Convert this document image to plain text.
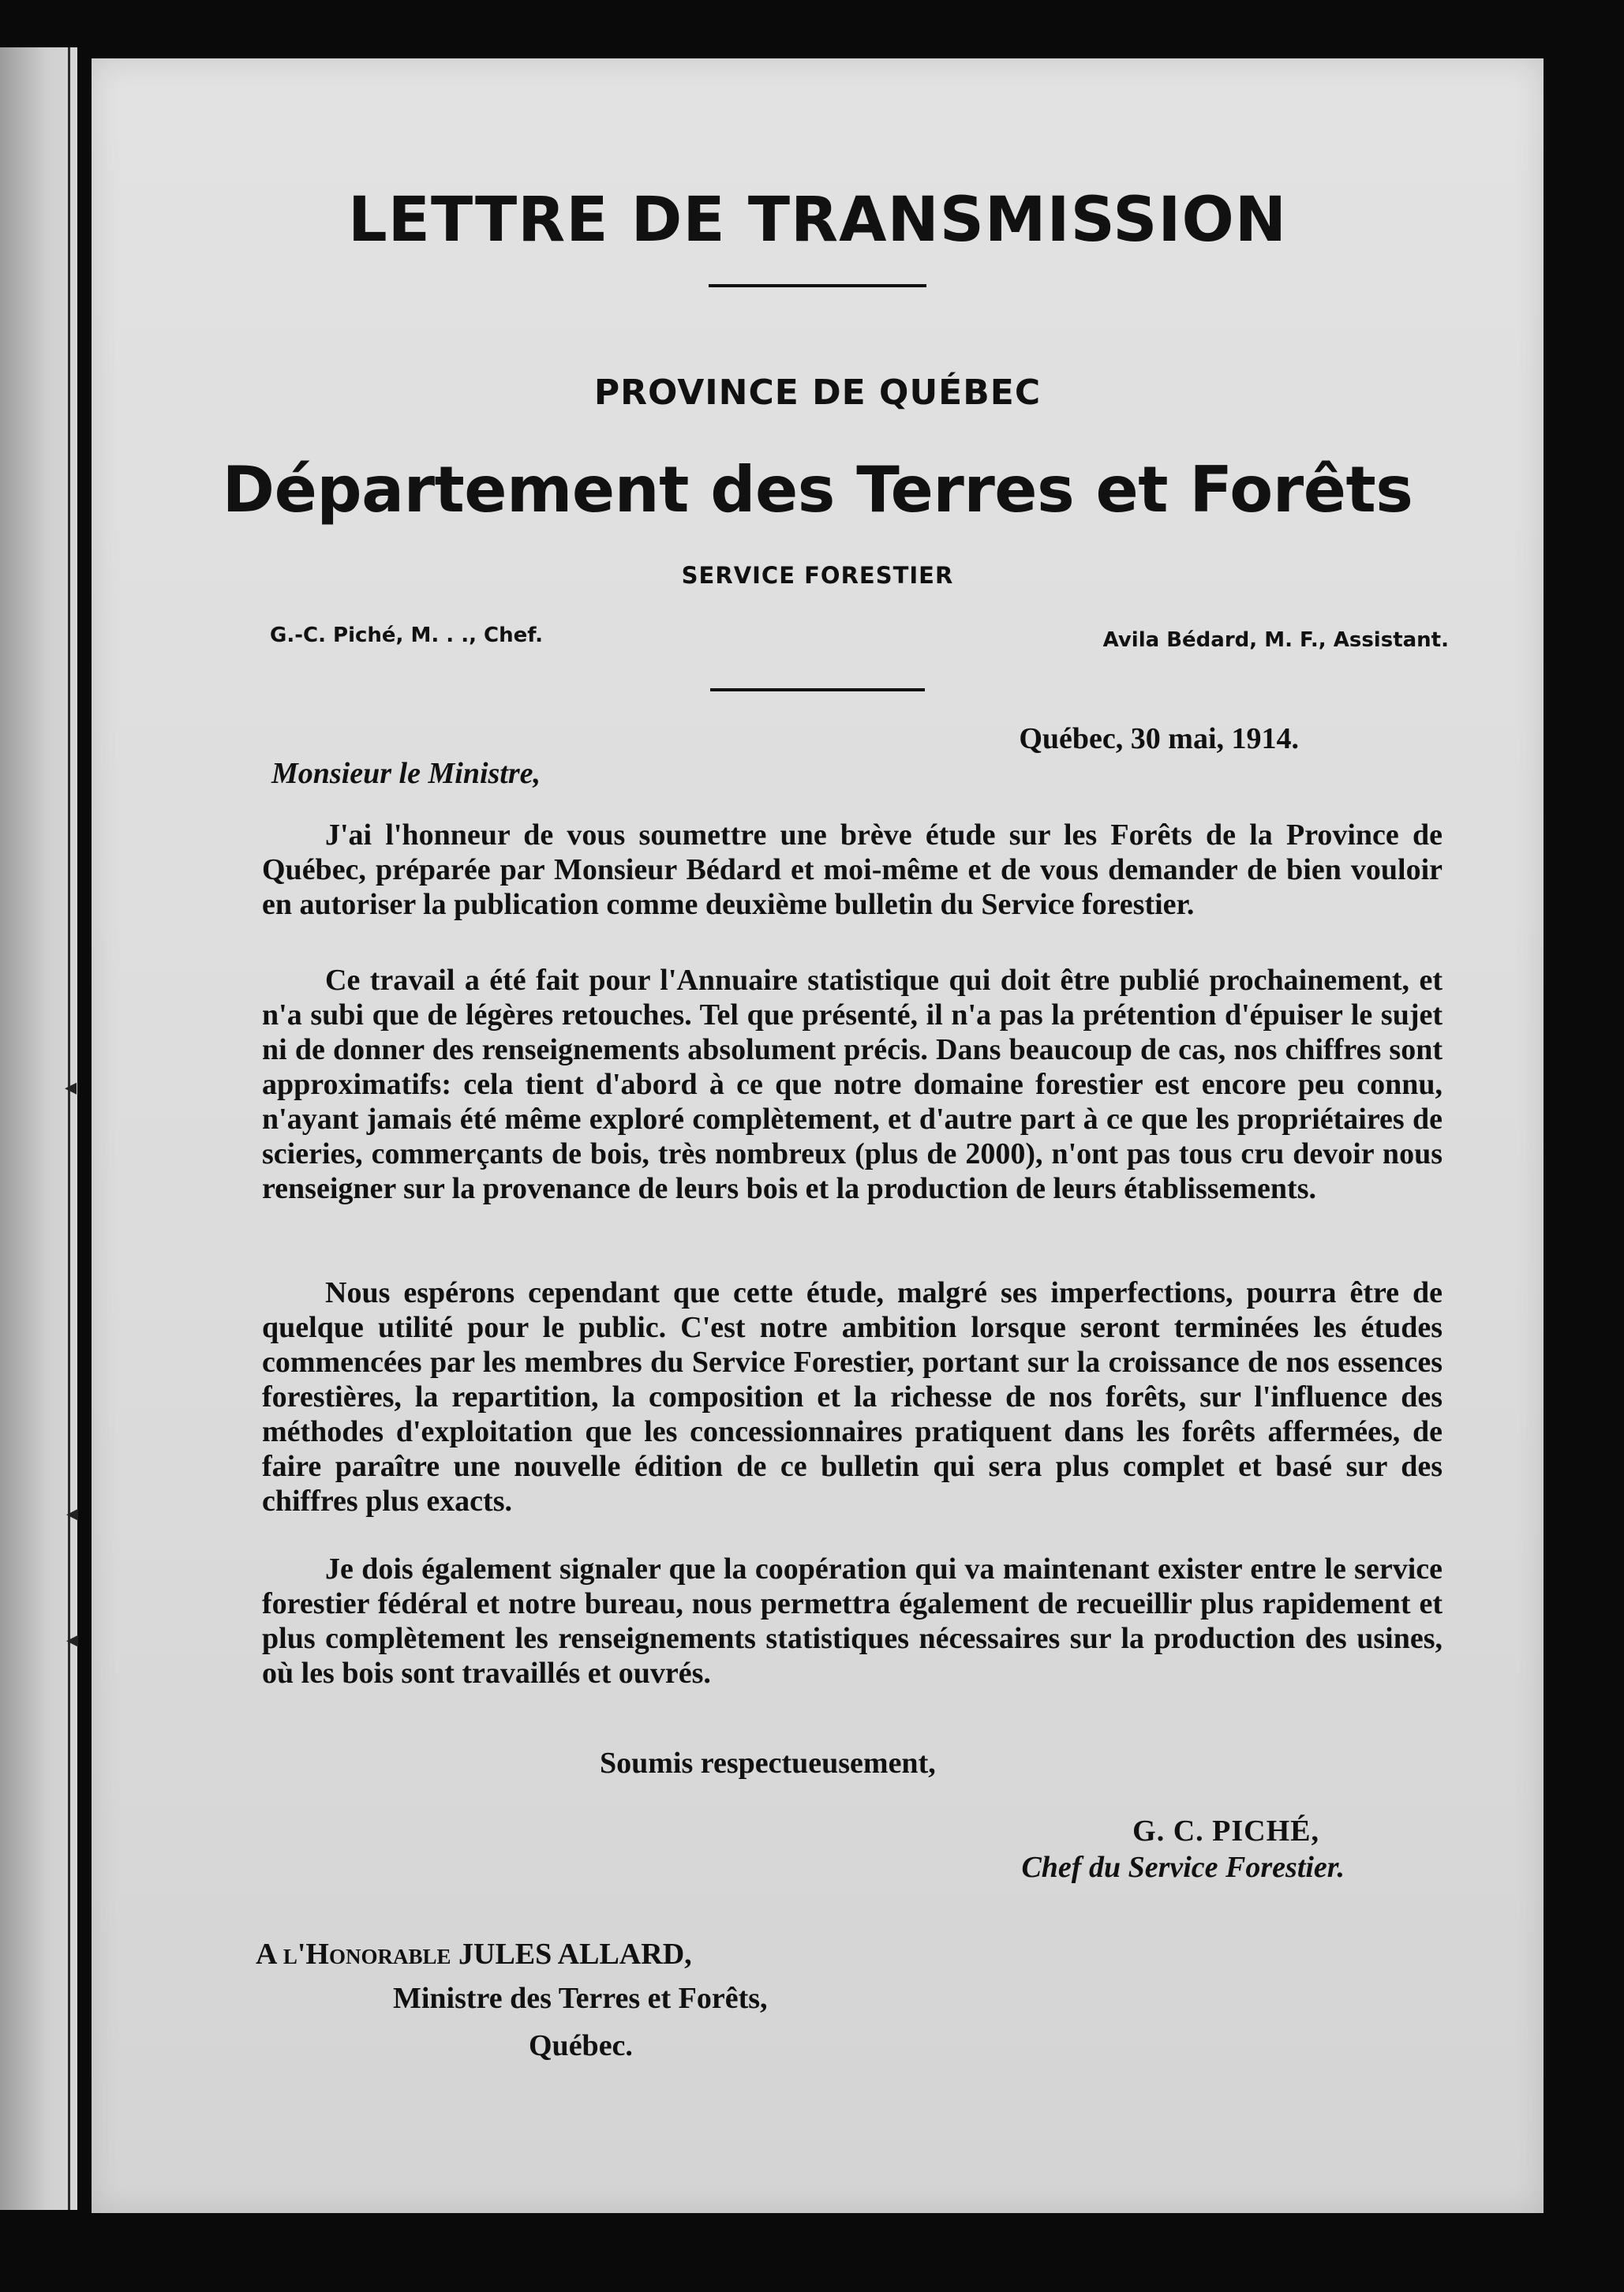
◂
◂
◂
LETTRE DE TRANSMISSION
PROVINCE DE QUÉBEC
Département des Terres et Forêts
SERVICE FORESTIER
G.-C. Piché, M. . ., Chef.	Avila Bédard, M. F., Assistant.
Québec, 30 mai, 1914.
Monsieur le Ministre,

J'ai l'honneur de vous soumettre une brève étude sur les Forêts de la Province de Québec, préparée par Monsieur Bédard et moi-même et de vous demander de bien vouloir en autoriser la publication comme deuxième bulletin du Service forestier.

Ce travail a été fait pour l'Annuaire statistique qui doit être publié prochainement, et n'a subi que de légères retouches. Tel que présenté, il n'a pas la prétention d'épuiser le sujet ni de donner des renseignements absolument précis. Dans beaucoup de cas, nos chiffres sont approximatifs: cela tient d'abord à ce que notre domaine forestier est encore peu connu, n'ayant jamais été même exploré complètement, et d'autre part à ce que les propriétaires de scieries, commerçants de bois, très nombreux (plus de 2000), n'ont pas tous cru devoir nous renseigner sur la provenance de leurs bois et la production de leurs établissements.

Nous espérons cependant que cette étude, malgré ses imperfections, pourra être de quelque utilité pour le public. C'est notre ambition lorsque seront terminées les études commencées par les membres du Service Forestier, portant sur la croissance de nos essences forestières, la repartition, la composition et la richesse de nos forêts, sur l'influence des méthodes d'exploitation que les concessionnaires pratiquent dans les forêts affermées, de faire paraître une nouvelle édition de ce bulletin qui sera plus complet et basé sur des chiffres plus exacts.

Je dois également signaler que la coopération qui va maintenant exister entre le service forestier fédéral et notre bureau, nous permettra également de recueillir plus rapidement et plus complètement les renseignements statistiques nécessaires sur la production des usines, où les bois sont travaillés et ouvrés.

Soumis respectueusement,
G. C. PICHÉ,
Chef du Service Forestier.
A l'Honorable JULES ALLARD,
Ministre des Terres et Forêts,
Québec.
